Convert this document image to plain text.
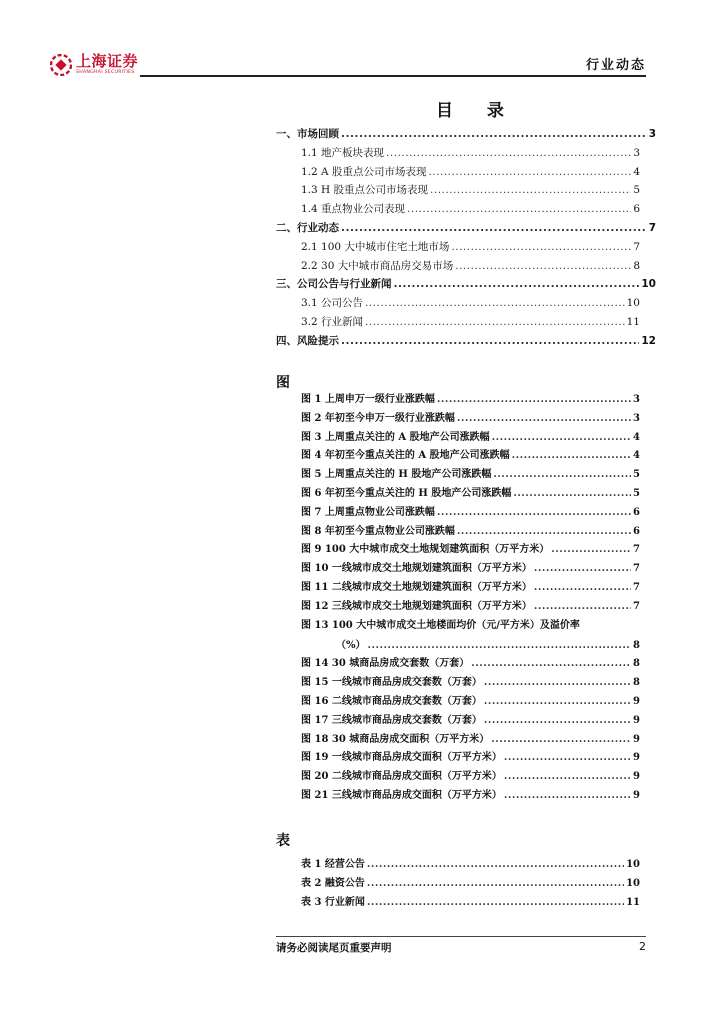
上海证券
SHANGHAI SECURITIES	行业动态
目 录
一、市场回顾 .....	3
1.1 地产板块表现 .....	3
1.2 A 股重点公司市场表现 .....	4
1.3 H 股重点公司市场表现 .....	5
1.4 重点物业公司表现 .....	6
二、行业动态 .....	7
2.1 100 大中城市住宅土地市场 .....	7
2.2 30 大中城市商品房交易市场 .....	8
三、公司公告与行业新闻 .....	10
3.1 公司公告 .....	10
3.2 行业新闻 .....	11
四、风险提示 .....	12
图
图 1 上周申万一级行业涨跌幅 .....	3
图 2 年初至今申万一级行业涨跌幅 .....	3
图 3 上周重点关注的 A 股地产公司涨跌幅 .....	4
图 4 年初至今重点关注的 A 股地产公司涨跌幅 .....	4
图 5 上周重点关注的 H 股地产公司涨跌幅 .....	5
图 6 年初至今重点关注的 H 股地产公司涨跌幅 .....	5
图 7 上周重点物业公司涨跌幅 .....	6
图 8 年初至今重点物业公司涨跌幅 .....	6
图 9 100 大中城市成交土地规划建筑面积（万平方米） .....	7
图 10 一线城市成交土地规划建筑面积（万平方米） .....	7
图 11 二线城市成交土地规划建筑面积（万平方米） .....	7
图 12 三线城市成交土地规划建筑面积（万平方米） .....	7
图 13 100 大中城市成交土地楼面均价（元/平方米）及溢价率
（%） .....	8
图 14 30 城商品房成交套数（万套） .....	8
图 15 一线城市商品房成交套数（万套） .....	8
图 16 二线城市商品房成交套数（万套） .....	9
图 17 三线城市商品房成交套数（万套） .....	9
图 18 30 城商品房成交面积（万平方米） .....	9
图 19 一线城市商品房成交面积（万平方米） .....	9
图 20 二线城市商品房成交面积（万平方米） .....	9
图 21 三线城市商品房成交面积（万平方米） .....	9
表
表 1 经营公告 .....	10
表 2 融资公告 .....	10
表 3 行业新闻 .....	11
请务必阅读尾页重要声明	2
